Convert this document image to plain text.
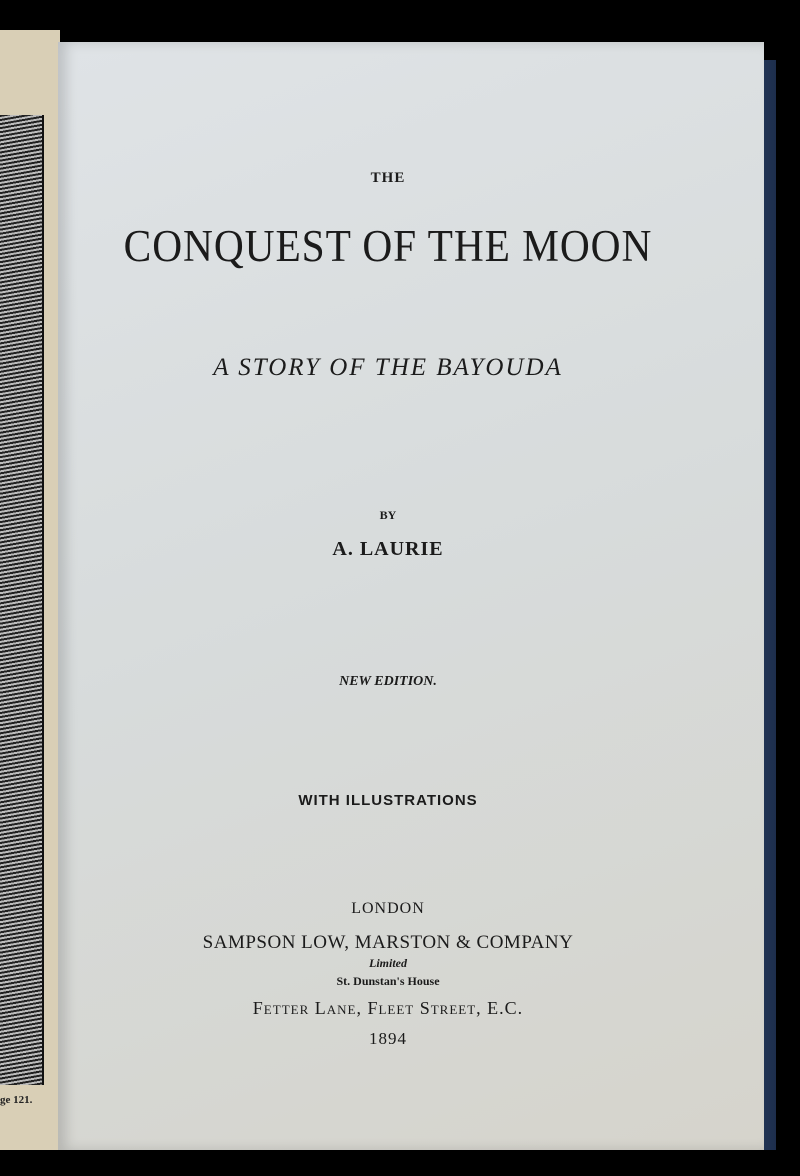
ge 121.
THE
CONQUEST OF THE MOON
A STORY OF THE BAYOUDA
BY
A. LAURIE
NEW EDITION.
WITH ILLUSTRATIONS
LONDON
SAMPSON LOW, MARSTON & COMPANY
Limited
St. Dunstan's House
Fetter Lane, Fleet Street, E.C.
1894
